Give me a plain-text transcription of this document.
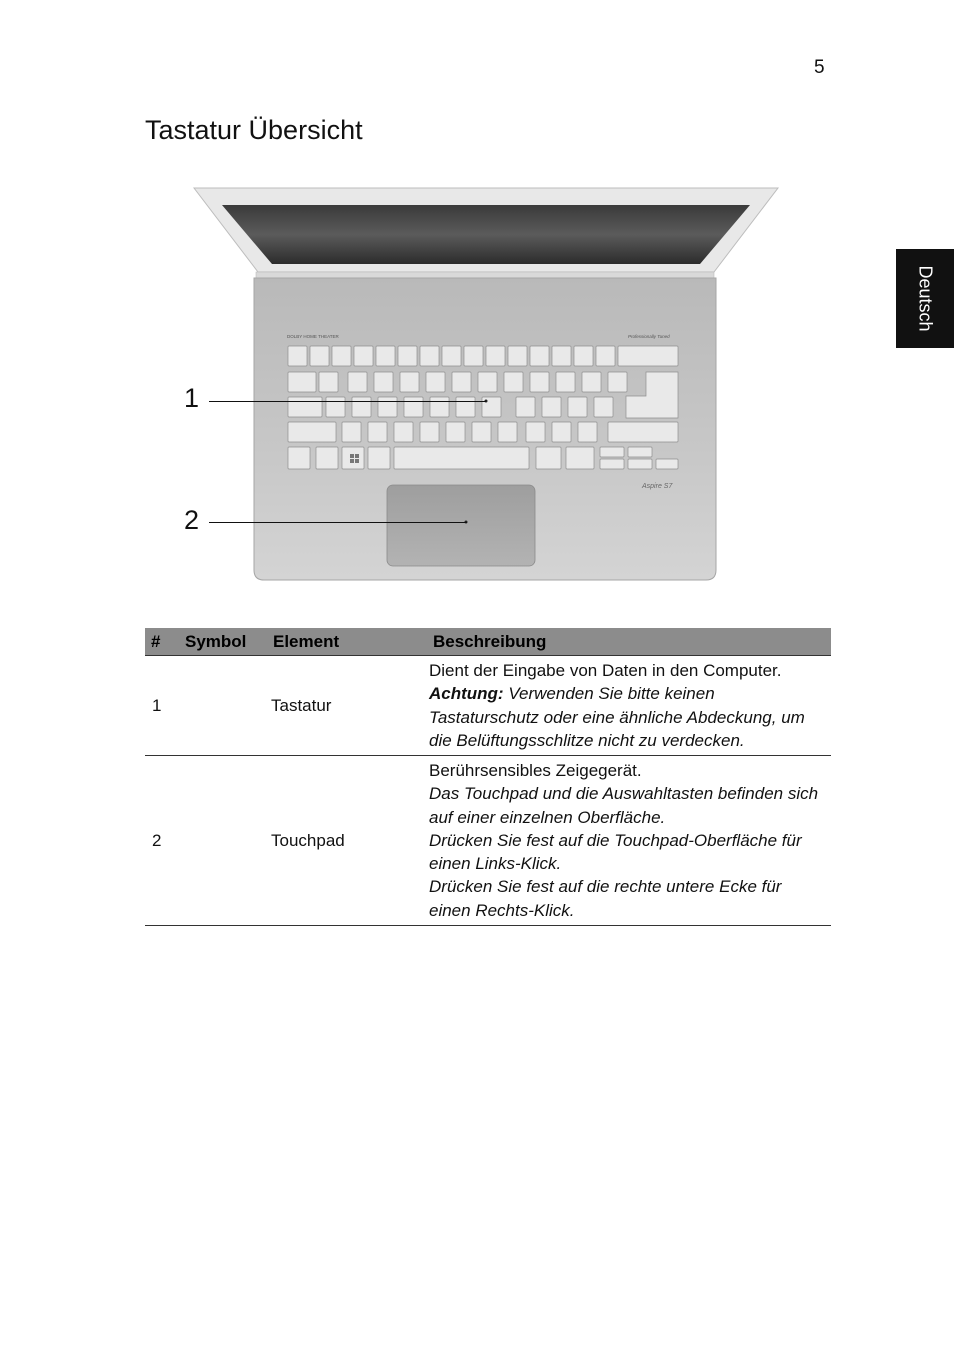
5
Tastatur Übersicht
Deutsch
DOLBY HOME THEATER	Professionally Tuned
Aspire S7
1
2
#	Symbol	Element	Beschreibung
1		Tastatur	Dient der Eingabe von Daten in den Computer.
Achtung: Verwenden Sie bitte keinen Tastaturschutz oder eine ähnliche Abdeckung, um die Belüftungsschlitze nicht zu verdecken.

2		Touchpad	Berührsensibles Zeigegerät.
Das Touchpad und die Auswahltasten befinden sich auf einer einzelnen Oberfläche.
Drücken Sie fest auf die Touchpad-Oberfläche für einen Links-Klick.
Drücken Sie fest auf die rechte untere Ecke für einen Rechts-Klick.
